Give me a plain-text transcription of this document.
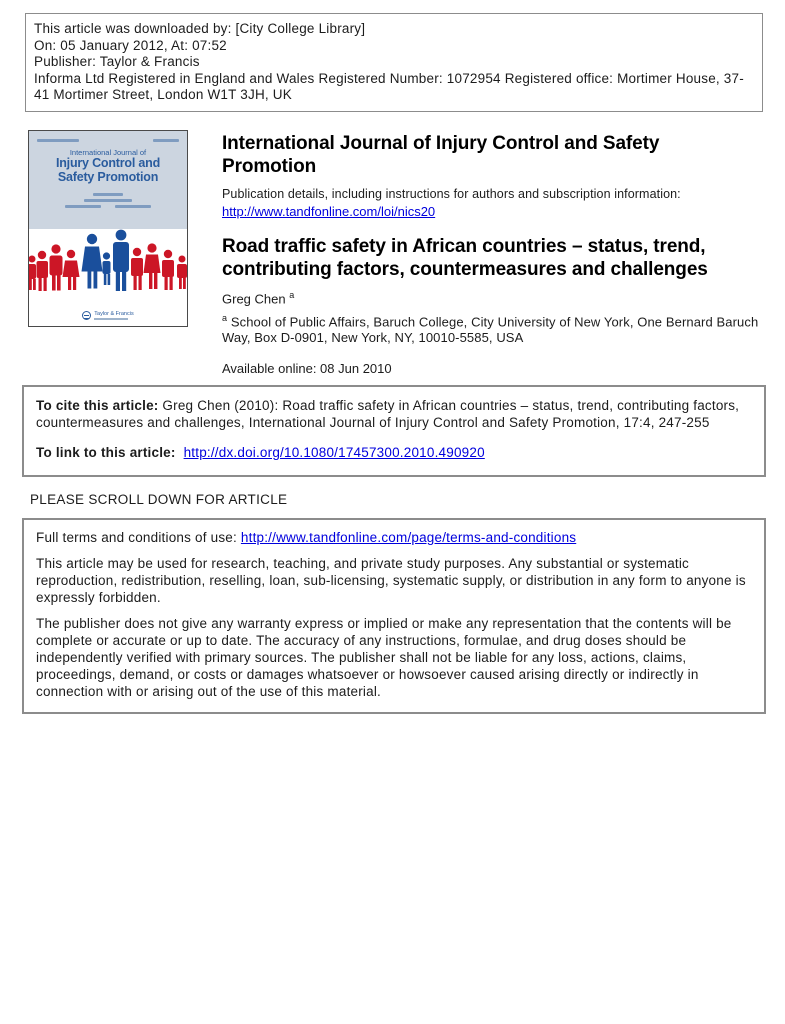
This article was downloaded by: [City College Library]
On: 05 January 2012, At: 07:52
Publisher: Taylor & Francis
Informa Ltd Registered in England and Wales Registered Number: 1072954 Registered office: Mortimer House, 37-41 Mortimer Street, London W1T 3JH, UK
International Journal of
Injury Control and
Safety Promotion
Taylor & Francis
International Journal of Injury Control and Safety Promotion
Publication details, including instructions for authors and subscription information:
http://www.tandfonline.com/loi/nics20
Road traffic safety in African countries – status, trend, contributing factors, countermeasures and challenges
Greg Chen $^a$
$^a$ School of Public Affairs, Baruch College, City University of New York, One Bernard Baruch Way, Box D-0901, New York, NY, 10010-5585, USA
Available online: 08 Jun 2010
To cite this article: Greg Chen (2010): Road traffic safety in African countries – status, trend, contributing factors, countermeasures and challenges, International Journal of Injury Control and Safety Promotion, 17:4, 247-255
To link to this article: http://dx.doi.org/10.1080/17457300.2010.490920
PLEASE SCROLL DOWN FOR ARTICLE
Full terms and conditions of use: http://www.tandfonline.com/page/terms-and-conditions

This article may be used for research, teaching, and private study purposes. Any substantial or systematic reproduction, redistribution, reselling, loan, sub-licensing, systematic supply, or distribution in any form to anyone is expressly forbidden.

The publisher does not give any warranty express or implied or make any representation that the contents will be complete or accurate or up to date. The accuracy of any instructions, formulae, and drug doses should be independently verified with primary sources. The publisher shall not be liable for any loss, actions, claims, proceedings, demand, or costs or damages whatsoever or howsoever caused arising directly or indirectly in connection with or arising out of the use of this material.
